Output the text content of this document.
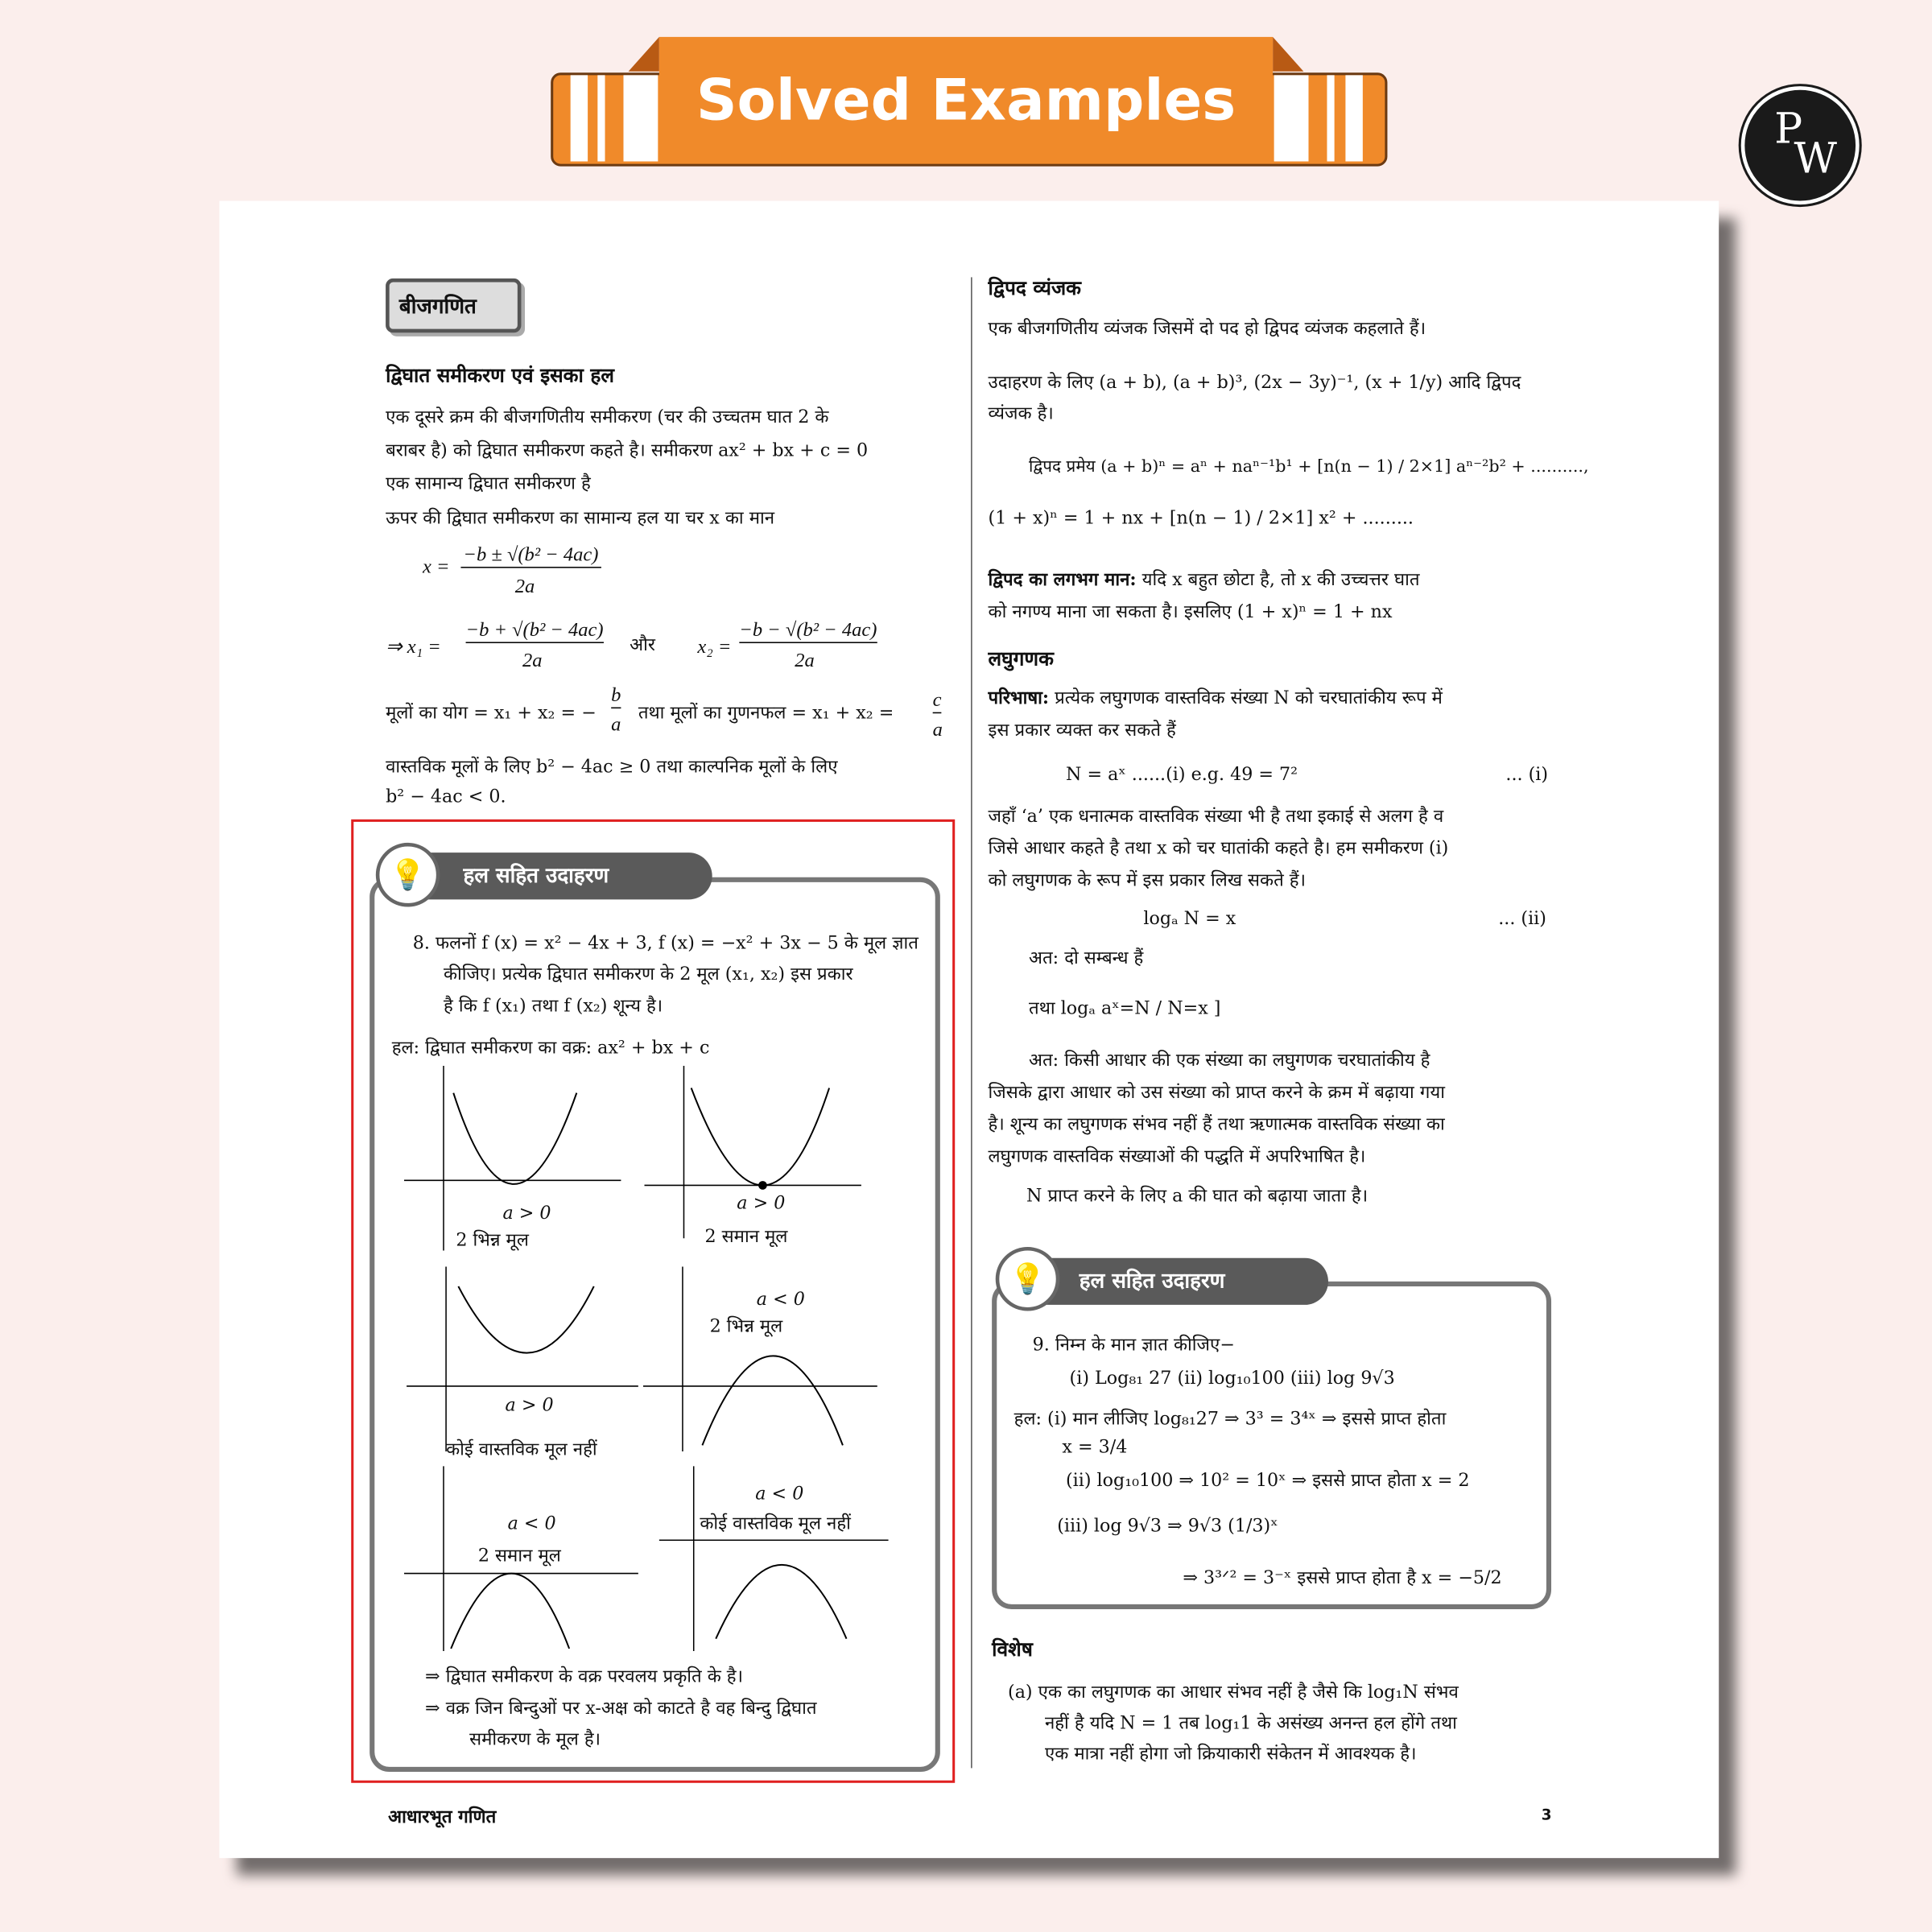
Solved Examples	P
W
बीजगणित
द्विघात समीकरण एवं इसका हल
एक दूसरे क्रम की बीजगणितीय समीकरण (चर की उच्चतम घात 2 के
बराबर है) को द्विघात समीकरण कहते है। समीकरण ax² + bx + c = 0
एक सामान्य द्विघात समीकरण है
ऊपर की द्विघात समीकरण का सामान्य हल या चर x का मान
x =
−b ± √(b² − 4ac)
2a
⇒ x₁ =
−b + √(b² − 4ac)
2a
और	x₂ =
−b − √(b² − 4ac)
2a
मूलों का योग = x₁ + x₂ = −
b
a
तथा मूलों का गुणनफल = x₁ + x₂ =
c
a
वास्तविक मूलों के लिए b² − 4ac ≥ 0 तथा काल्पनिक मूलों के लिए
b² − 4ac < 0.
हल सहित उदाहरण
💡
8. फलनों f (x) = x² − 4x + 3, f (x) = −x² + 3x − 5 के मूल ज्ञात
कीजिए। प्रत्येक द्विघात समीकरण के 2 मूल (x₁, x₂) इस प्रकार
है कि f (x₁) तथा f (x₂) शून्य है।
हल: द्विघात समीकरण का वक्र: ax² + bx + c
a > 0
2 भिन्न मूल
a > 0
2 समान मूल
a > 0
कोई वास्तविक मूल नहीं
a < 0
2 भिन्न मूल
a < 0
2 समान मूल
a < 0
कोई वास्तविक मूल नहीं
⇒ द्विघात समीकरण के वक्र परवलय प्रकृति के है।
⇒ वक्र जिन बिन्दुओं पर x-अक्ष को काटते है वह बिन्दु द्विघात
समीकरण के मूल है।
द्विपद व्यंजक
एक बीजगणितीय व्यंजक जिसमें दो पद हो द्विपद व्यंजक कहलाते हैं।
उदाहरण के लिए (a + b), (a + b)³, (2x − 3y)⁻¹, (x + 1/y) आदि द्विपद
व्यंजक है।
द्विपद प्रमेय (a + b)ⁿ = aⁿ + naⁿ⁻¹b¹ + [n(n − 1) / 2×1] aⁿ⁻²b² + ..........,
(1 + x)ⁿ = 1 + nx + [n(n − 1) / 2×1] x² + .........
द्विपद का लगभग मान: यदि x बहुत छोटा है, तो x की उच्चत्तर घात
को नगण्य माना जा सकता है। इसलिए (1 + x)ⁿ = 1 + nx
लघुगणक
परिभाषा: प्रत्येक लघुगणक वास्तविक संख्या N को चरघातांकीय रूप में
इस प्रकार व्यक्त कर सकते हैं
N = aˣ ......(i) e.g. 49 = 7²	... (i)
जहाँ ‘a’ एक धनात्मक वास्तविक संख्या भी है तथा इकाई से अलग है व
जिसे आधार कहते है तथा x को चर घातांकी कहते है। हम समीकरण (i)
को लघुगणक के रूप में इस प्रकार लिख सकते हैं।
logₐ N = x	... (ii)
अत: दो सम्बन्ध हैं
तथा logₐ aˣ=N / N=x ]
अत: किसी आधार की एक संख्या का लघुगणक चरघातांकीय है
जिसके द्वारा आधार को उस संख्या को प्राप्त करने के क्रम में बढ़ाया गया
है। शून्य का लघुगणक संभव नहीं हैं तथा ऋणात्मक वास्तविक संख्या का
लघुगणक वास्तविक संख्याओं की पद्धति में अपरिभाषित है।
N प्राप्त करने के लिए a की घात को बढ़ाया जाता है।
हल सहित उदाहरण
💡
9. निम्न के मान ज्ञात कीजिए−
(i) Log₈₁ 27 (ii) log₁₀100 (iii) log 9√3
हल: (i) मान लीजिए log₈₁27 ⇒ 3³ = 3⁴ˣ ⇒ इससे प्राप्त होता
x = 3/4
(ii) log₁₀100 ⇒ 10² = 10ˣ ⇒ इससे प्राप्त होता x = 2
(iii) log 9√3 ⇒ 9√3 (1/3)ˣ
⇒ 3³ᐟ² = 3⁻ˣ इससे प्राप्त होता है x = −5/2
विशेष
(a) एक का लघुगणक का आधार संभव नहीं है जैसे कि log₁N संभव
नहीं है यदि N = 1 तब log₁1 के असंख्य अनन्त हल होंगे तथा
एक मात्रा नहीं होगा जो क्रियाकारी संकेतन में आवश्यक है।
आधारभूत गणित	3
